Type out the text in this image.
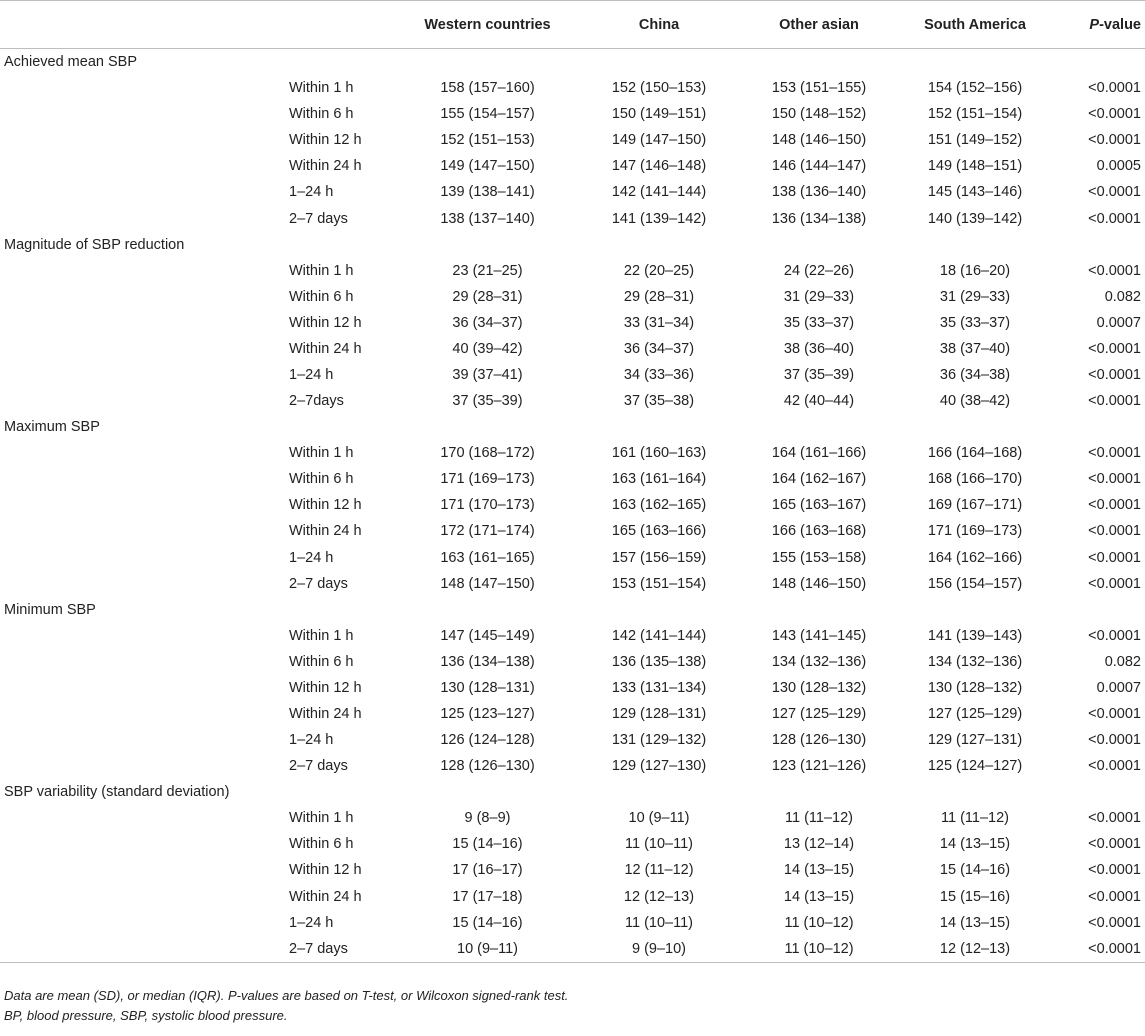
		Western countries	China	Other asian	South America	P-value
Achieved mean SBP						
	Within 1 h	158 (157–160)	152 (150–153)	153 (151–155)	154 (152–156)	<0.0001
	Within 6 h	155 (154–157)	150 (149–151)	150 (148–152)	152 (151–154)	<0.0001
	Within 12 h	152 (151–153)	149 (147–150)	148 (146–150)	151 (149–152)	<0.0001
	Within 24 h	149 (147–150)	147 (146–148)	146 (144–147)	149 (148–151)	0.0005
	1–24 h	139 (138–141)	142 (141–144)	138 (136–140)	145 (143–146)	<0.0001
	2–7 days	138 (137–140)	141 (139–142)	136 (134–138)	140 (139–142)	<0.0001
Magnitude of SBP reduction						
	Within 1 h	23 (21–25)	22 (20–25)	24 (22–26)	18 (16–20)	<0.0001
	Within 6 h	29 (28–31)	29 (28–31)	31 (29–33)	31 (29–33)	0.082
	Within 12 h	36 (34–37)	33 (31–34)	35 (33–37)	35 (33–37)	0.0007
	Within 24 h	40 (39–42)	36 (34–37)	38 (36–40)	38 (37–40)	<0.0001
	1–24 h	39 (37–41)	34 (33–36)	37 (35–39)	36 (34–38)	<0.0001
	2–7days	37 (35–39)	37 (35–38)	42 (40–44)	40 (38–42)	<0.0001
Maximum SBP						
	Within 1 h	170 (168–172)	161 (160–163)	164 (161–166)	166 (164–168)	<0.0001
	Within 6 h	171 (169–173)	163 (161–164)	164 (162–167)	168 (166–170)	<0.0001
	Within 12 h	171 (170–173)	163 (162–165)	165 (163–167)	169 (167–171)	<0.0001
	Within 24 h	172 (171–174)	165 (163–166)	166 (163–168)	171 (169–173)	<0.0001
	1–24 h	163 (161–165)	157 (156–159)	155 (153–158)	164 (162–166)	<0.0001
	2–7 days	148 (147–150)	153 (151–154)	148 (146–150)	156 (154–157)	<0.0001
Minimum SBP						
	Within 1 h	147 (145–149)	142 (141–144)	143 (141–145)	141 (139–143)	<0.0001
	Within 6 h	136 (134–138)	136 (135–138)	134 (132–136)	134 (132–136)	0.082
	Within 12 h	130 (128–131)	133 (131–134)	130 (128–132)	130 (128–132)	0.0007
	Within 24 h	125 (123–127)	129 (128–131)	127 (125–129)	127 (125–129)	<0.0001
	1–24 h	126 (124–128)	131 (129–132)	128 (126–130)	129 (127–131)	<0.0001
	2–7 days	128 (126–130)	129 (127–130)	123 (121–126)	125 (124–127)	<0.0001
SBP variability (standard deviation)						
	Within 1 h	9 (8–9)	10 (9–11)	11 (11–12)	11 (11–12)	<0.0001
	Within 6 h	15 (14–16)	11 (10–11)	13 (12–14)	14 (13–15)	<0.0001
	Within 12 h	17 (16–17)	12 (11–12)	14 (13–15)	15 (14–16)	<0.0001
	Within 24 h	17 (17–18)	12 (12–13)	14 (13–15)	15 (15–16)	<0.0001
	1–24 h	15 (14–16)	11 (10–11)	11 (10–12)	14 (13–15)	<0.0001
	2–7 days	10 (9–11)	9 (9–10)	11 (10–12)	12 (12–13)	<0.0001
Data are mean (SD), or median (IQR). P-values are based on T-test, or Wilcoxon signed-rank test.
BP, blood pressure, SBP, systolic blood pressure.
